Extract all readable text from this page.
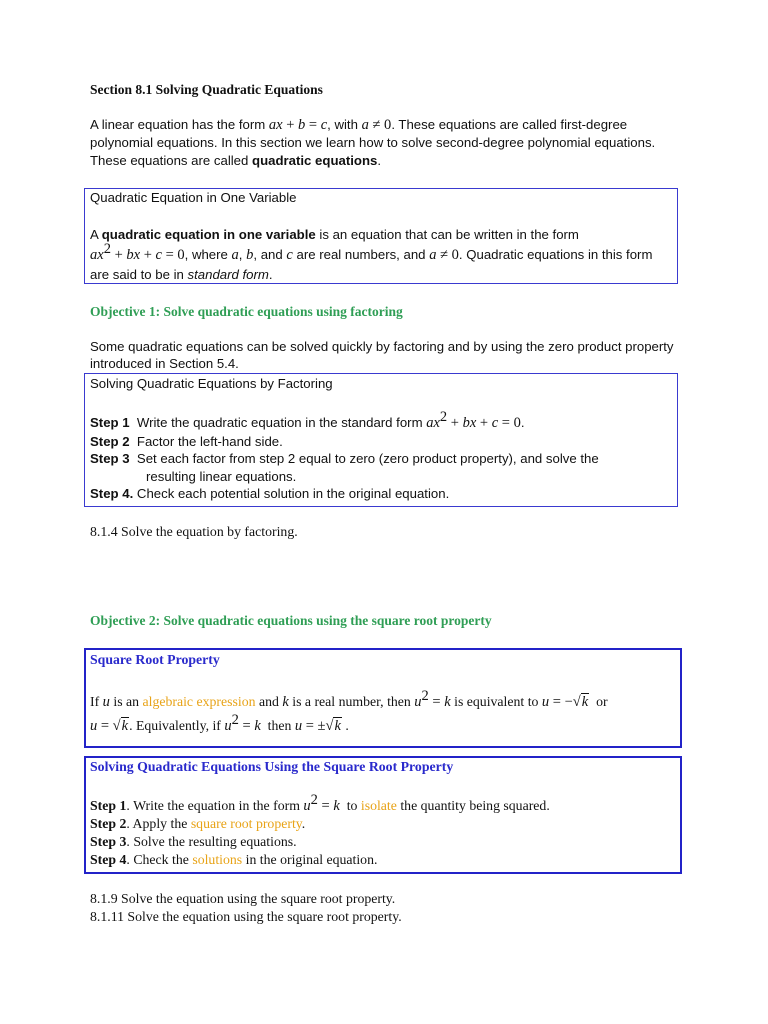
Section 8.1 Solving Quadratic Equations
A linear equation has the form ax + b = c, with a ≠ 0. These equations are called first-degree polynomial equations. In this section we learn how to solve second-degree polynomial equations. These equations are called quadratic equations.
Quadratic Equation in One Variable
A quadratic equation in one variable is an equation that can be written in the form
$ax^2$ + bx + c = 0, where a, b, and c are real numbers, and a ≠ 0. Quadratic equations in this form are said to be in standard form.
Objective 1: Solve quadratic equations using factoring
Some quadratic equations can be solved quickly by factoring and by using the zero product property introduced in Section 5.4.
Solving Quadratic Equations by Factoring
Step 1 Write the quadratic equation in the standard form $ax^2$ + bx + c = 0.
Step 2 Factor the left-hand side.
Step 3 Set each factor from step 2 equal to zero (zero product property), and solve the
resulting linear equations.
Step 4. Check each potential solution in the original equation.
8.1.4 Solve the equation by factoring.
Objective 2: Solve quadratic equations using the square root property
Square Root Property
If u is an algebraic expression and k is a real number, then $u^2 = k$ is equivalent to u = −√k or
u = √k. Equivalently, if $u^2 = k$ then u = ±√k .
Solving Quadratic Equations Using the Square Root Property
Step 1. Write the equation in the form $u^2 = k$ to isolate the quantity being squared.
Step 2. Apply the square root property.
Step 3. Solve the resulting equations.
Step 4. Check the solutions in the original equation.
8.1.9 Solve the equation using the square root property.
8.1.11 Solve the equation using the square root property.
